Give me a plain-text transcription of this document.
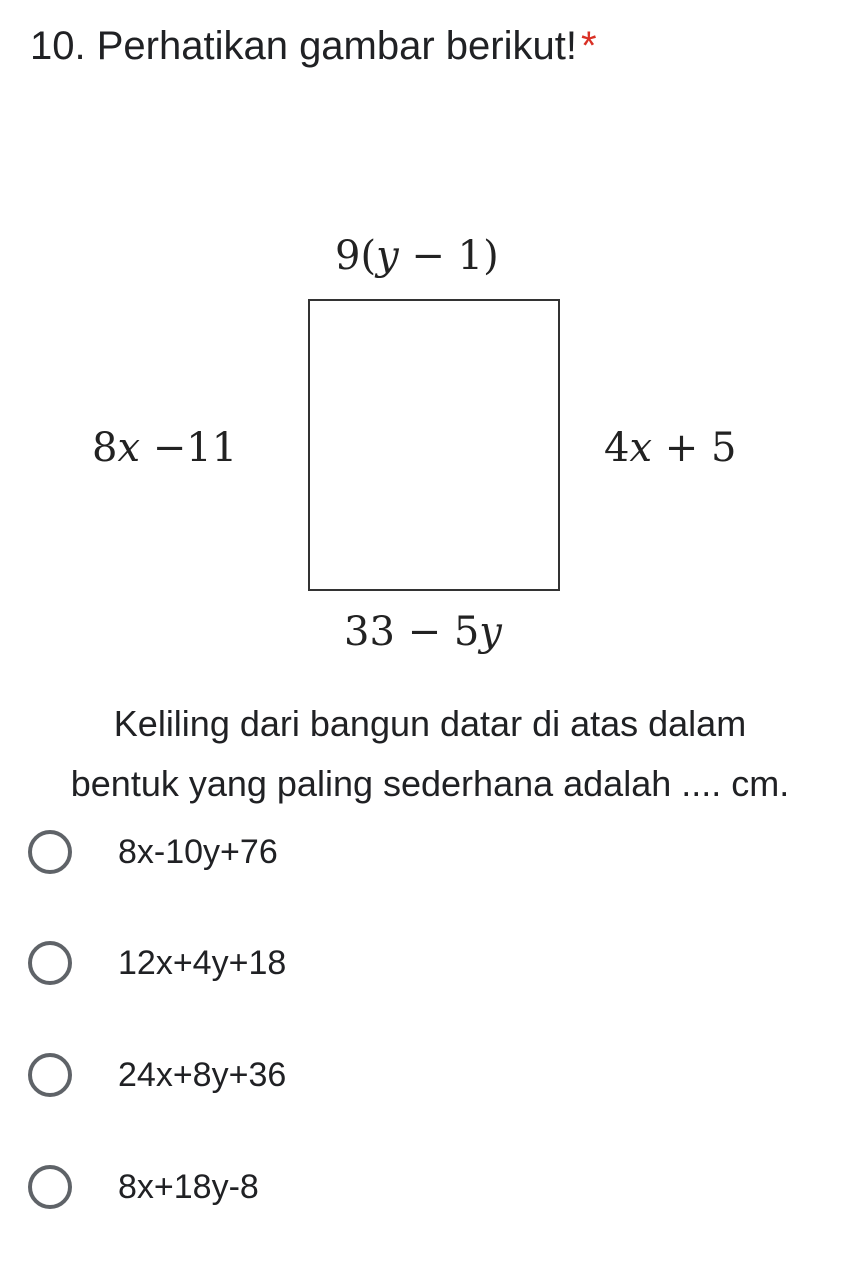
10. Perhatikan gambar berikut! *
9(y − 1)
8x −11	4x + 5
33 − 5y
Keliling dari bangun datar di atas dalam
bentuk yang paling sederhana adalah .... cm.
8x-10y+76
12x+4y+18
24x+8y+36
8x+18y-8
